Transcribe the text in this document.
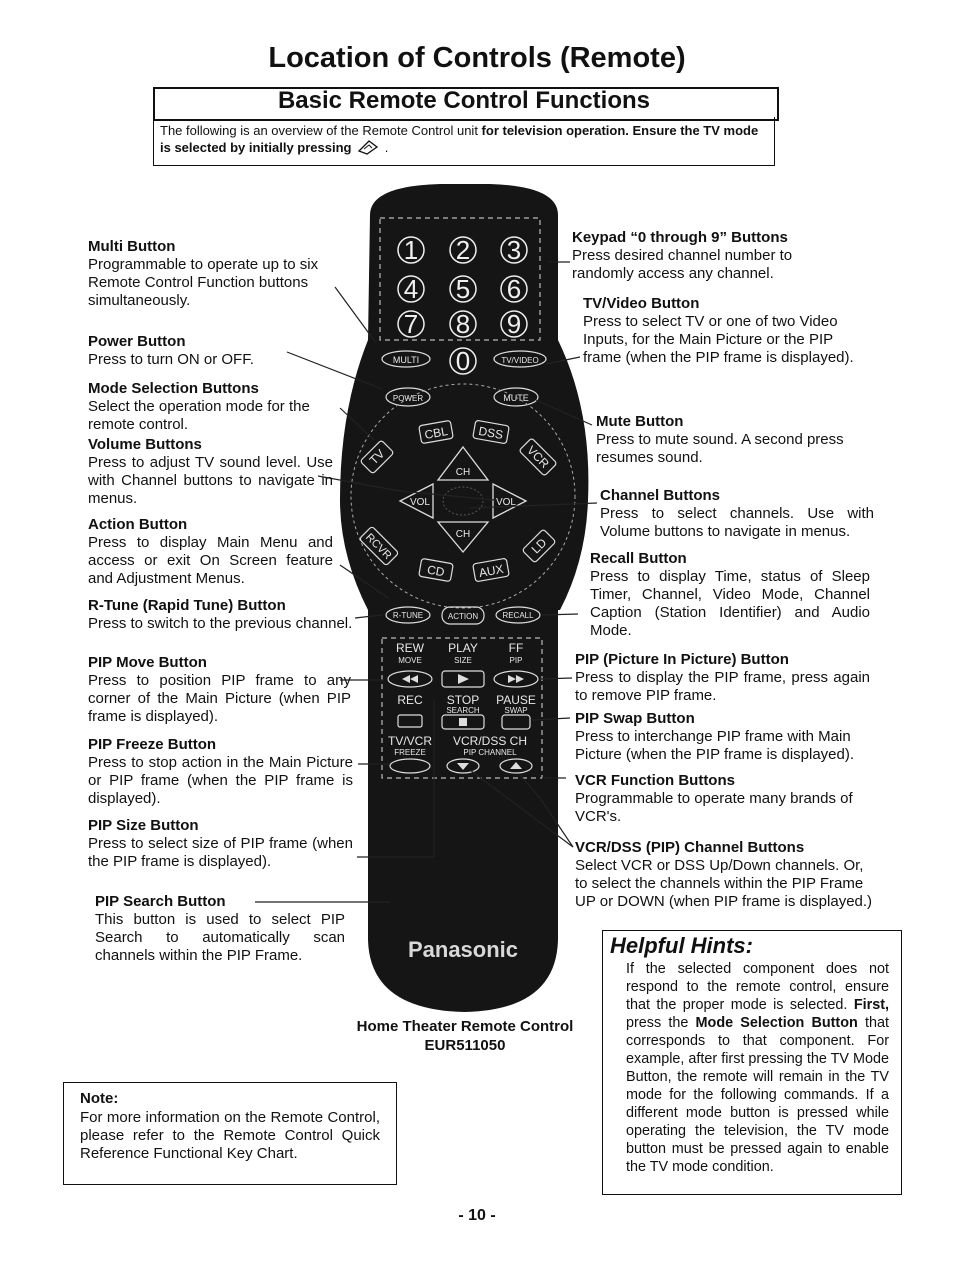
Location of Controls (Remote)
Basic Remote Control Functions
The following is an overview of the Remote Control unit for television operation. Ensure the TV mode is selected by initially pressing	.
1 2 3
4 5 6
7 8 9
0
MULTI	TV/VIDEO
POWER	MUTE
CBL DSS
TV	VCR
CH
CH
VOL	VOL
RCVR
CD	AUX
LD
R-TUNE	ACTION	RECALL
REW PLAY	FF
MOVE	SIZE	PIP
REC STOP PAUSE
SEARCH	SWAP
TV/VCR VCR/DSS CH
FREEZE	PIP CHANNEL
Panasonic
Multi Button
Programmable to operate up to six Remote Control Function buttons simultaneously.
Power Button
Press to turn ON or OFF.
Mode Selection Buttons
Select the operation mode for the remote control.
Volume Buttons
Press to adjust TV sound level. Use with Channel buttons to navigate in menus.
Action Button
Press to display Main Menu and access or exit On Screen feature and Adjustment Menus.
R-Tune (Rapid Tune) Button
Press to switch to the previous channel.
PIP Move Button
Press to position PIP frame to any corner of the Main Picture (when PIP frame is displayed).
PIP Freeze Button
Press to stop action in the Main Picture or PIP frame (when the PIP frame is displayed).
PIP Size Button
Press to select size of PIP frame (when the PIP frame is displayed).
PIP Search Button
This button is used to select PIP Search to automatically scan channels within the PIP Frame.
Keypad “0 through 9” Buttons
Press desired channel number to randomly access any channel.
TV/Video Button
Press to select TV or one of two Video Inputs, for the Main Picture or the PIP frame (when the PIP frame is displayed).
Mute Button
Press to mute sound. A second press resumes sound.
Channel Buttons
Press to select channels. Use with Volume buttons to navigate in menus.
Recall Button
Press to display Time, status of Sleep Timer, Channel, Video Mode, Channel Caption (Station Identifier) and Audio Mode.
PIP (Picture In Picture) Button
Press to display the PIP frame, press again to remove PIP frame.
PIP Swap Button
Press to interchange PIP frame with Main Picture (when the PIP frame is displayed).
VCR Function Buttons
Programmable to operate many brands of VCR's.
VCR/DSS (PIP) Channel Buttons
Select VCR or DSS Up/Down channels. Or, to select the channels within the PIP Frame UP or DOWN (when PIP frame is displayed.)
Home Theater Remote Control
EUR511050
Note:
For more information on the Remote Control, please refer to the Remote Control Quick Reference Functional Key Chart.
Helpful Hints:
If the selected component does not respond to the remote control, ensure that the proper mode is selected. First, press the Mode Selection Button that corresponds to that component. For example, after first pressing the TV Mode Button, the remote will remain in the TV mode for the following commands. If a different mode button is pressed while operating the television, the TV mode button must be pressed again to enable the TV mode condition.
- 10 -
